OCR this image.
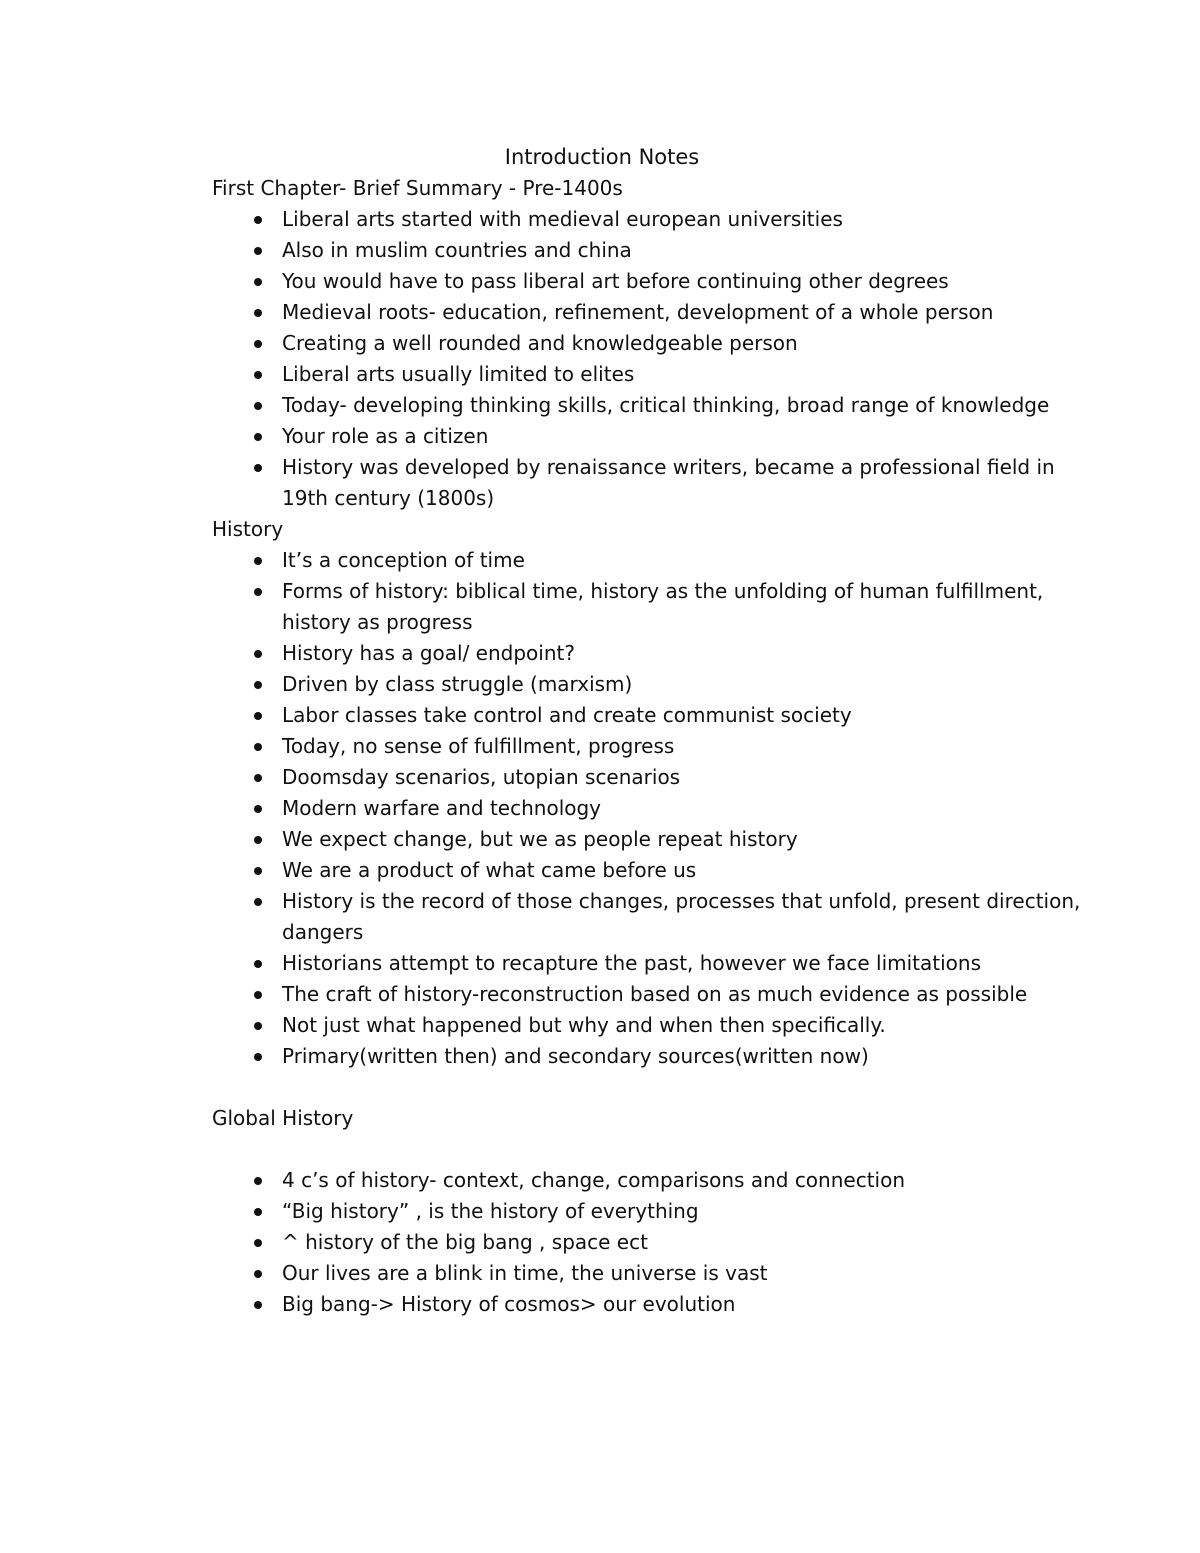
Introduction Notes

First Chapter- Brief Summary - Pre-1400s

Liberal arts started with medieval european universities
Also in muslim countries and china
You would have to pass liberal art before continuing other degrees
Medieval roots- education, refinement, development of a whole person
Creating a well rounded and knowledgeable person
Liberal arts usually limited to elites
Today- developing thinking skills, critical thinking, broad range of knowledge
Your role as a citizen
History was developed by renaissance writers, became a professional field in 19th century (1800s)

History

It’s a conception of time
Forms of history: biblical time, history as the unfolding of human fulfillment, history as progress
History has a goal/ endpoint?
Driven by class struggle (marxism)
Labor classes take control and create communist society
Today, no sense of fulfillment, progress
Doomsday scenarios, utopian scenarios
Modern warfare and technology
We expect change, but we as people repeat history
We are a product of what came before us
History is the record of those changes, processes that unfold, present direction, dangers
Historians attempt to recapture the past, however we face limitations
The craft of history-reconstruction based on as much evidence as possible
Not just what happened but why and when then specifically.
Primary(written then) and secondary sources(written now)

Global History

4 c’s of history- context, change, comparisons and connection
“Big history” , is the history of everything
^ history of the big bang , space ect
Our lives are a blink in time, the universe is vast
Big bang-> History of cosmos> our evolution
